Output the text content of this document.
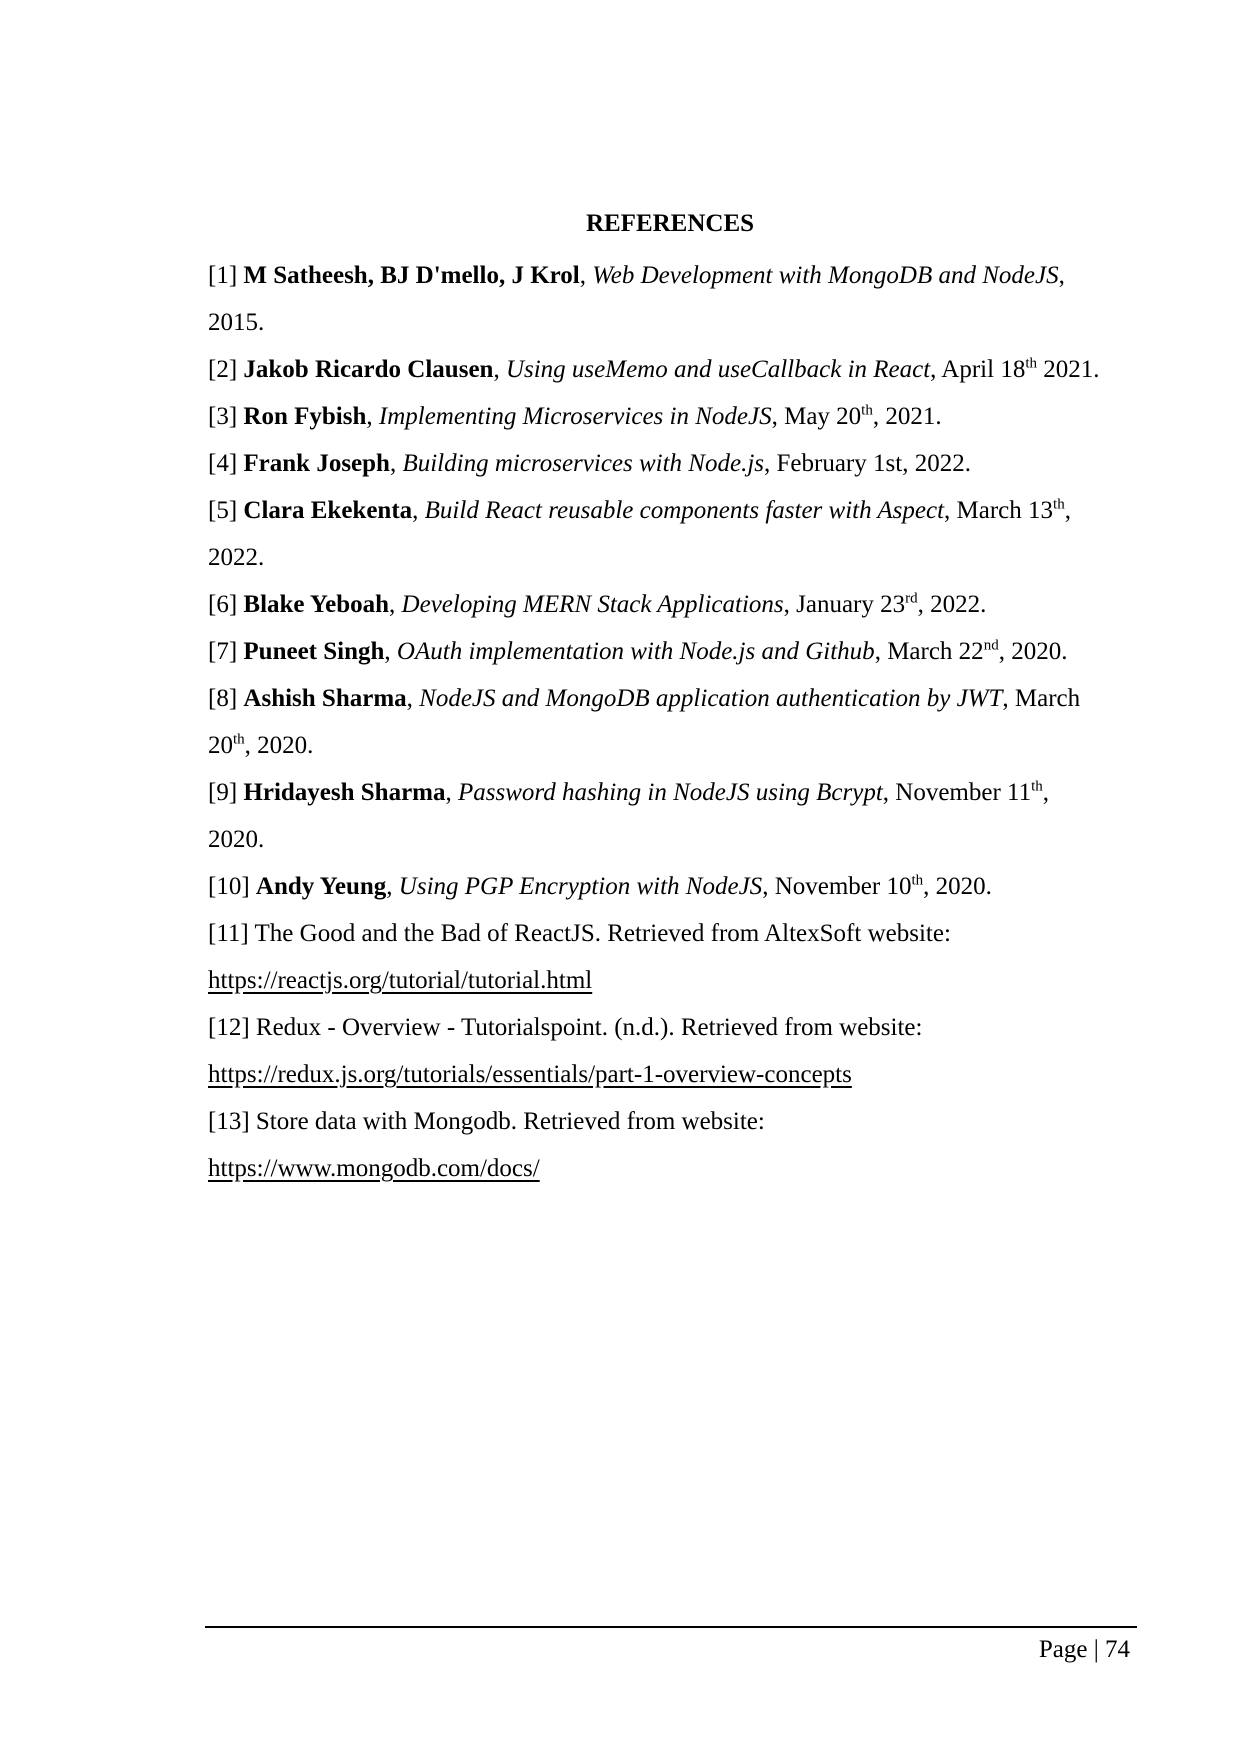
REFERENCES

[1] M Satheesh, BJ D'mello, J Krol, Web Development with MongoDB and NodeJS, 2015.

[2] Jakob Ricardo Clausen, Using useMemo and useCallback in React, April 18th 2021.

[3] Ron Fybish, Implementing Microservices in NodeJS, May 20th, 2021.

[4] Frank Joseph, Building microservices with Node.js, February 1st, 2022.

[5] Clara Ekekenta, Build React reusable components faster with Aspect, March 13th, 2022.

[6] Blake Yeboah, Developing MERN Stack Applications, January 23rd, 2022.

[7] Puneet Singh, OAuth implementation with Node.js and Github, March 22nd, 2020.

[8] Ashish Sharma, NodeJS and MongoDB application authentication by JWT, March 20th, 2020.

[9] Hridayesh Sharma, Password hashing in NodeJS using Bcrypt, November 11th, 2020.

[10] Andy Yeung, Using PGP Encryption with NodeJS, November 10th, 2020.

[11] The Good and the Bad of ReactJS. Retrieved from AltexSoft website:
https://reactjs.org/tutorial/tutorial.html

[12] Redux - Overview - Tutorialspoint. (n.d.). Retrieved from website:
https://redux.js.org/tutorials/essentials/part-1-overview-concepts

[13] Store data with Mongodb. Retrieved from website:
https://www.mongodb.com/docs/

Page | 74
